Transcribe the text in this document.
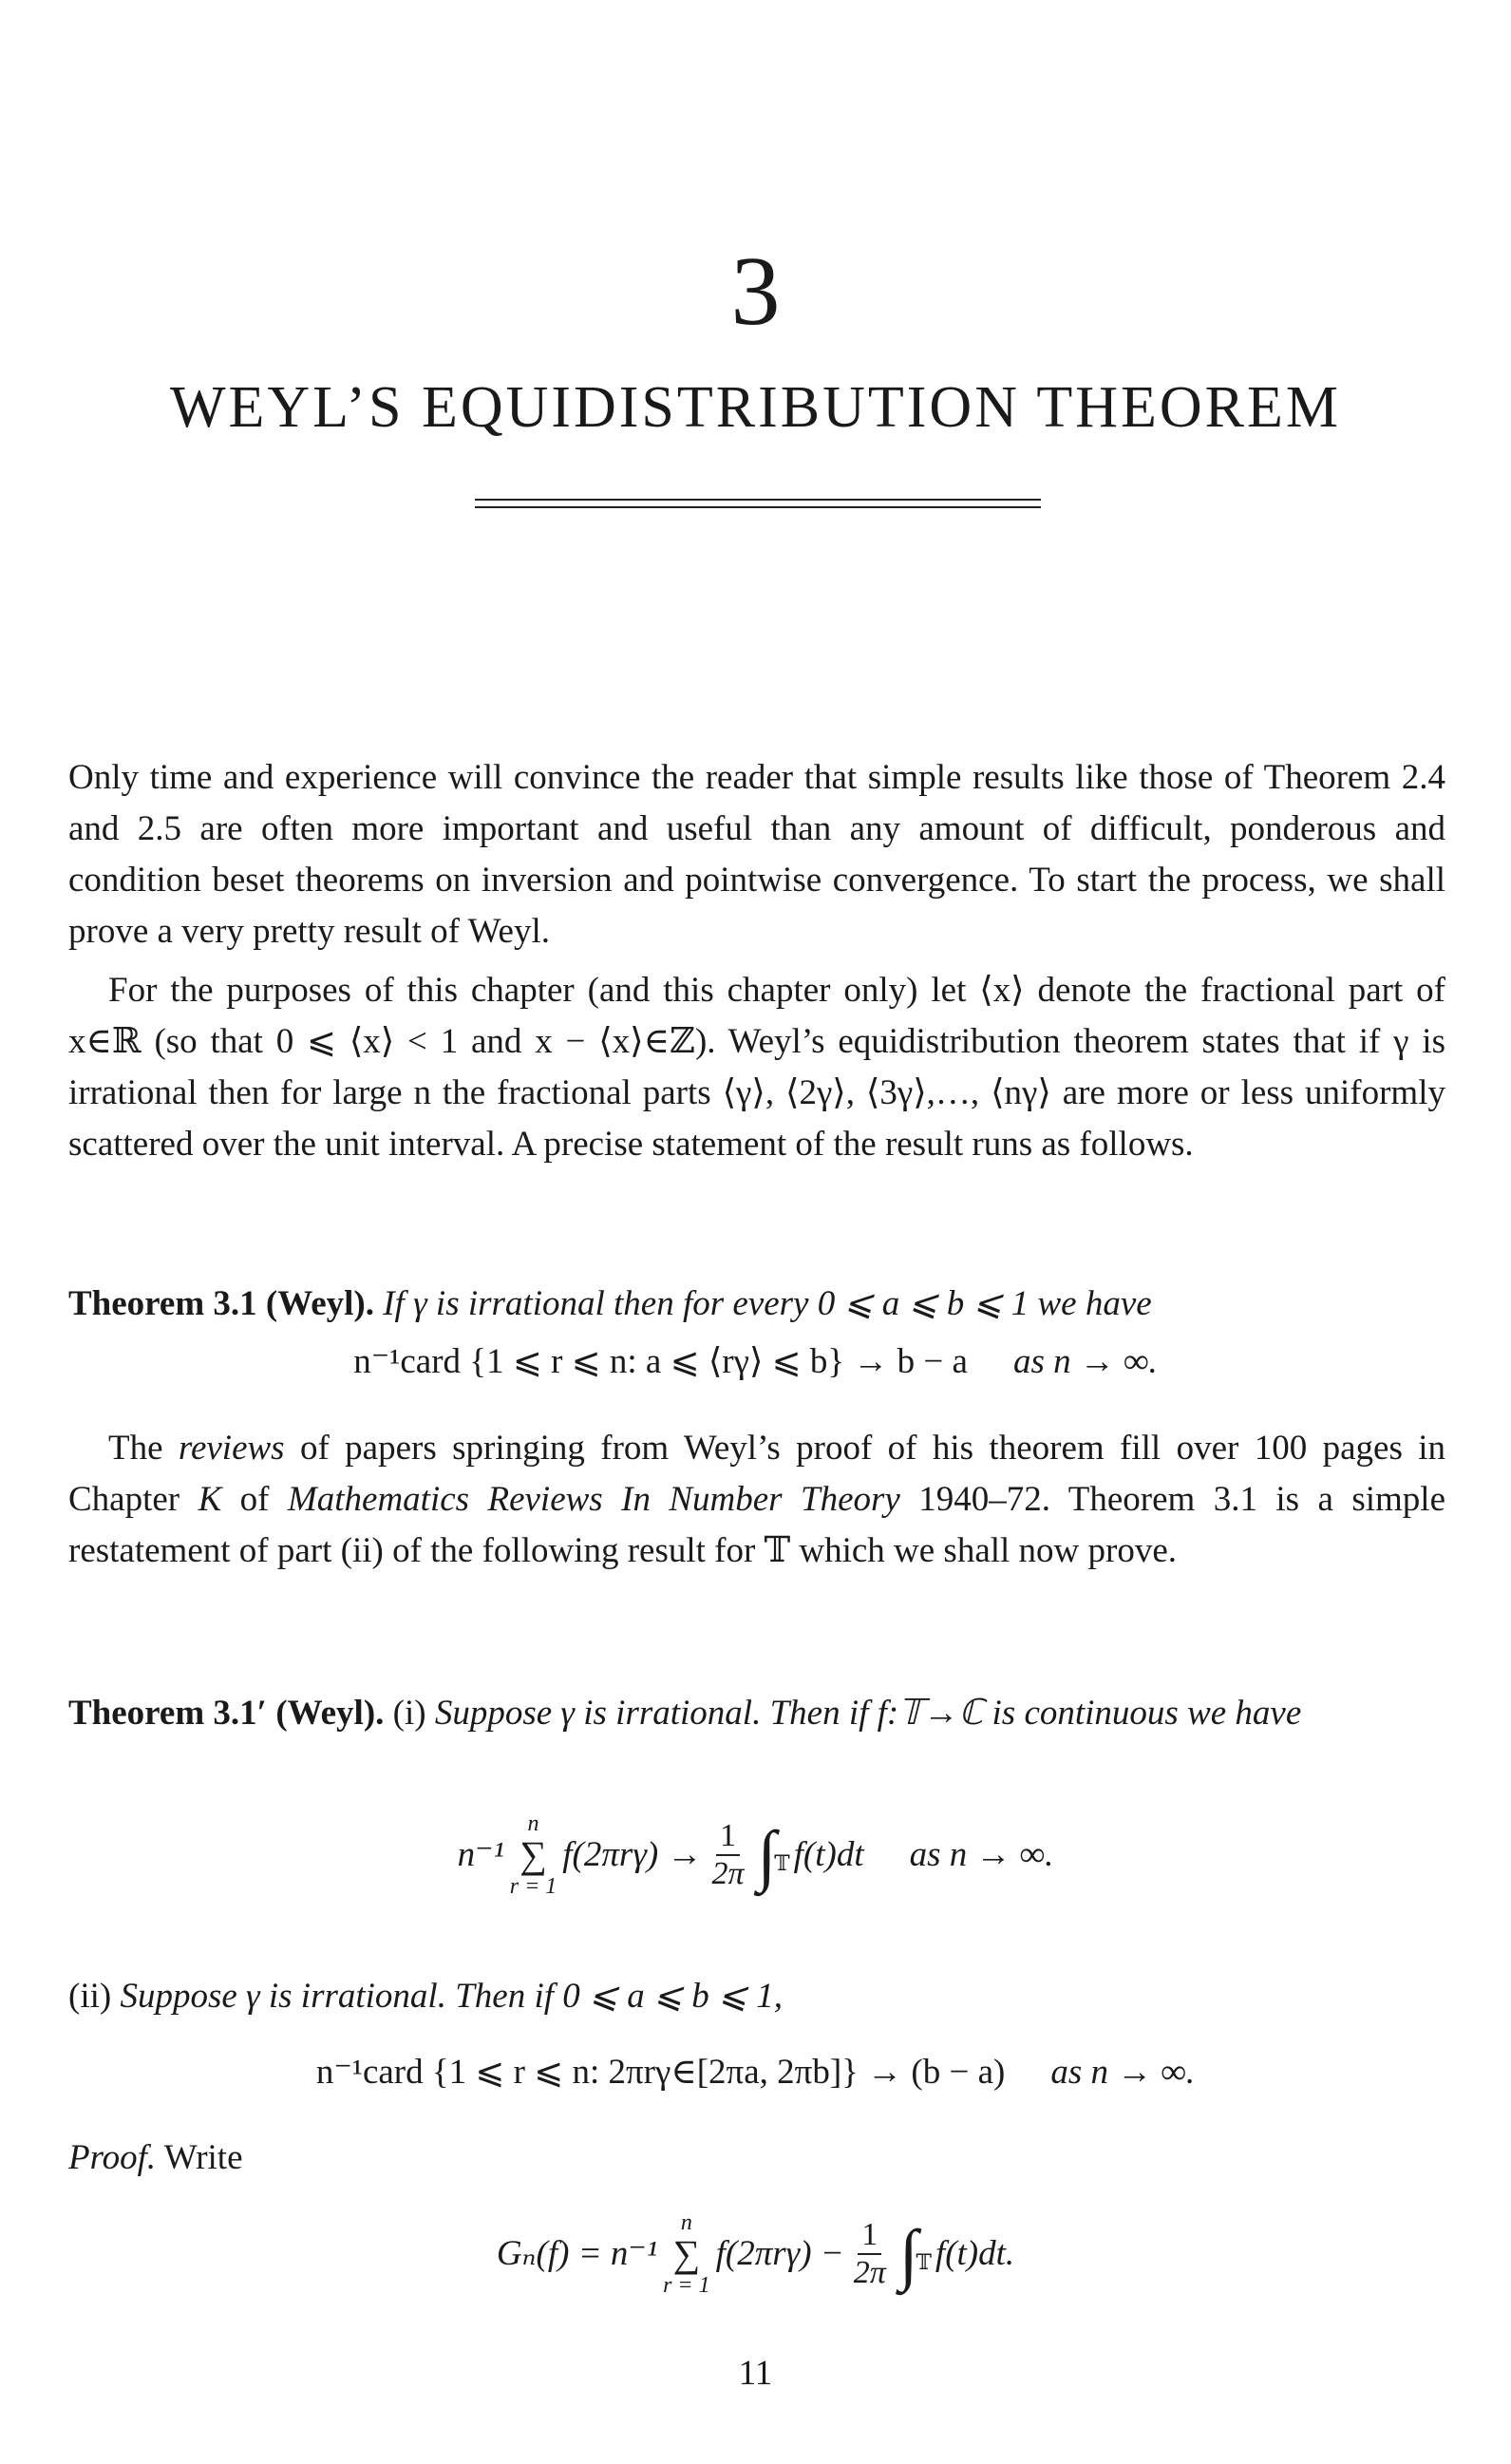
3
WEYL’S EQUIDISTRIBUTION THEOREM

Only time and experience will convince the reader that simple results like those of Theorem 2.4 and 2.5 are often more important and useful than any amount of difficult, ponderous and condition beset theorems on inversion and pointwise convergence. To start the process, we shall prove a very pretty result of Weyl.

For the purposes of this chapter (and this chapter only) let ⟨x⟩ denote the fractional part of x∈ℝ (so that 0 ⩽ ⟨x⟩ < 1 and x − ⟨x⟩∈ℤ). Weyl’s equidistribution theorem states that if γ is irrational then for large n the fractional parts ⟨γ⟩, ⟨2γ⟩, ⟨3γ⟩,…, ⟨nγ⟩ are more or less uniformly scattered over the unit interval. A precise statement of the result runs as follows.

Theorem 3.1 (Weyl). If γ is irrational then for every 0 ⩽ a ⩽ b ⩽ 1 we have

n⁻¹card {1 ⩽ r ⩽ n: a ⩽ ⟨rγ⟩ ⩽ b} → b − a as n → ∞.

The reviews of papers springing from Weyl’s proof of his theorem fill over 100 pages in Chapter K of Mathematics Reviews In Number Theory 1940–72. Theorem 3.1 is a simple restatement of part (ii) of the following result for 𝕋 which we shall now prove.

Theorem 3.1′ (Weyl). (i) Suppose γ is irrational. Then if f:𝕋→ℂ is continuous we have

n⁻¹
n
∑
r = 1
$f(2\pi r\gamma) \to \frac{1}{2\pi}$ ∫
𝕋 f(t)dt as n → ∞.

(ii) Suppose γ is irrational. Then if 0 ⩽ a ⩽ b ⩽ 1,

n⁻¹card {1 ⩽ r ⩽ n: 2πrγ∈[2πa, 2πb]} → (b − a) as n → ∞.

Proof. Write

Gₙ(f) = n⁻¹
n
∑
r = 1
$f(2\pi r\gamma) - \frac{1}{2\pi}$ ∫
𝕋 f(t)dt.
11
